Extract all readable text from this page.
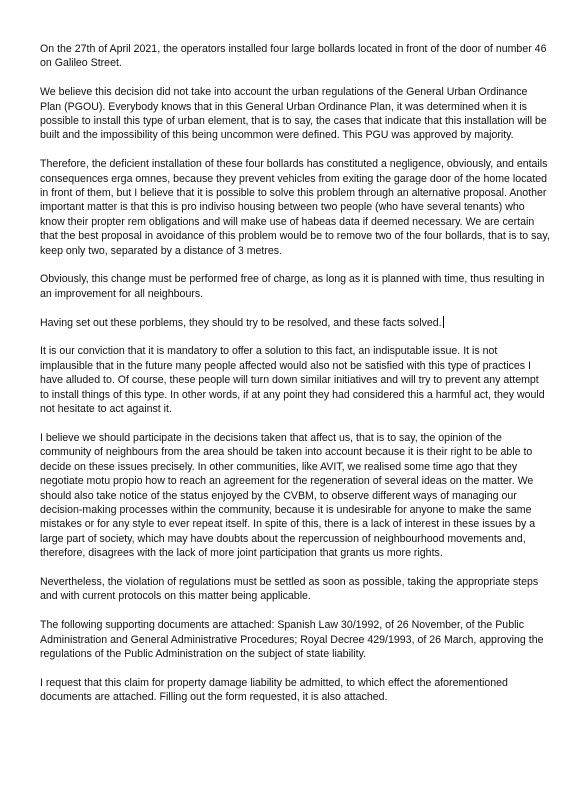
On the 27th of April 2021, the operators installed four large bollards located in front of the door of number 46 on Galileo Street.

We believe this decision did not take into account the urban regulations of the General Urban Ordinance Plan (PGOU). Everybody knows that in this General Urban Ordinance Plan, it was determined when it is possible to install this type of urban element, that is to say, the cases that indicate that this installation will be built and the impossibility of this being uncommon were defined. This PGU was approved by majority.

Therefore, the deficient installation of these four bollards has constituted a negligence, obviously, and entails consequences erga omnes, because they prevent vehicles from exiting the garage door of the home located in front of them, but I believe that it is possible to solve this problem through an alternative proposal. Another important matter is that this is pro indiviso housing between two people (who have several tenants) who know their propter rem obligations and will make use of habeas data if deemed necessary. We are certain that the best proposal in avoidance of this problem would be to remove two of the four bollards, that is to say, keep only two, separated by a distance of 3 metres.

Obviously, this change must be performed free of charge, as long as it is planned with time, thus resulting in an improvement for all neighbours.

Having set out these porblems, they should try to be resolved, and these facts solved.

It is our conviction that it is mandatory to offer a solution to this fact, an indisputable issue. It is not implausible that in the future many people affected would also not be satisfied with this type of practices I have alluded to. Of course, these people will turn down similar initiatives and will try to prevent any attempt to install things of this type. In other words, if at any point they had considered this a harmful act, they would not hesitate to act against it.

I believe we should participate in the decisions taken that affect us, that is to say, the opinion of the community of neighbours from the area should be taken into account because it is their right to be able to decide on these issues precisely. In other communities, like AVIT, we realised some time ago that they negotiate motu propio how to reach an agreement for the regeneration of several ideas on the matter. We should also take notice of the status enjoyed by the CVBM, to observe different ways of managing our decision-making processes within the community, because it is undesirable for anyone to make the same mistakes or for any style to ever repeat itself. In spite of this, there is a lack of interest in these issues by a large part of society, which may have doubts about the repercussion of neighbourhood movements and, therefore, disagrees with the lack of more joint participation that grants us more rights.

Nevertheless, the violation of regulations must be settled as soon as possible, taking the appropriate steps and with current protocols on this matter being applicable.

The following supporting documents are attached: Spanish Law 30/1992, of 26 November, of the Public Administration and General Administrative Procedures; Royal Decree 429/1993, of 26 March, approving the regulations of the Public Administration on the subject of state liability.

I request that this claim for property damage liability be admitted, to which effect the aforementioned documents are attached. Filling out the form requested, it is also attached.
